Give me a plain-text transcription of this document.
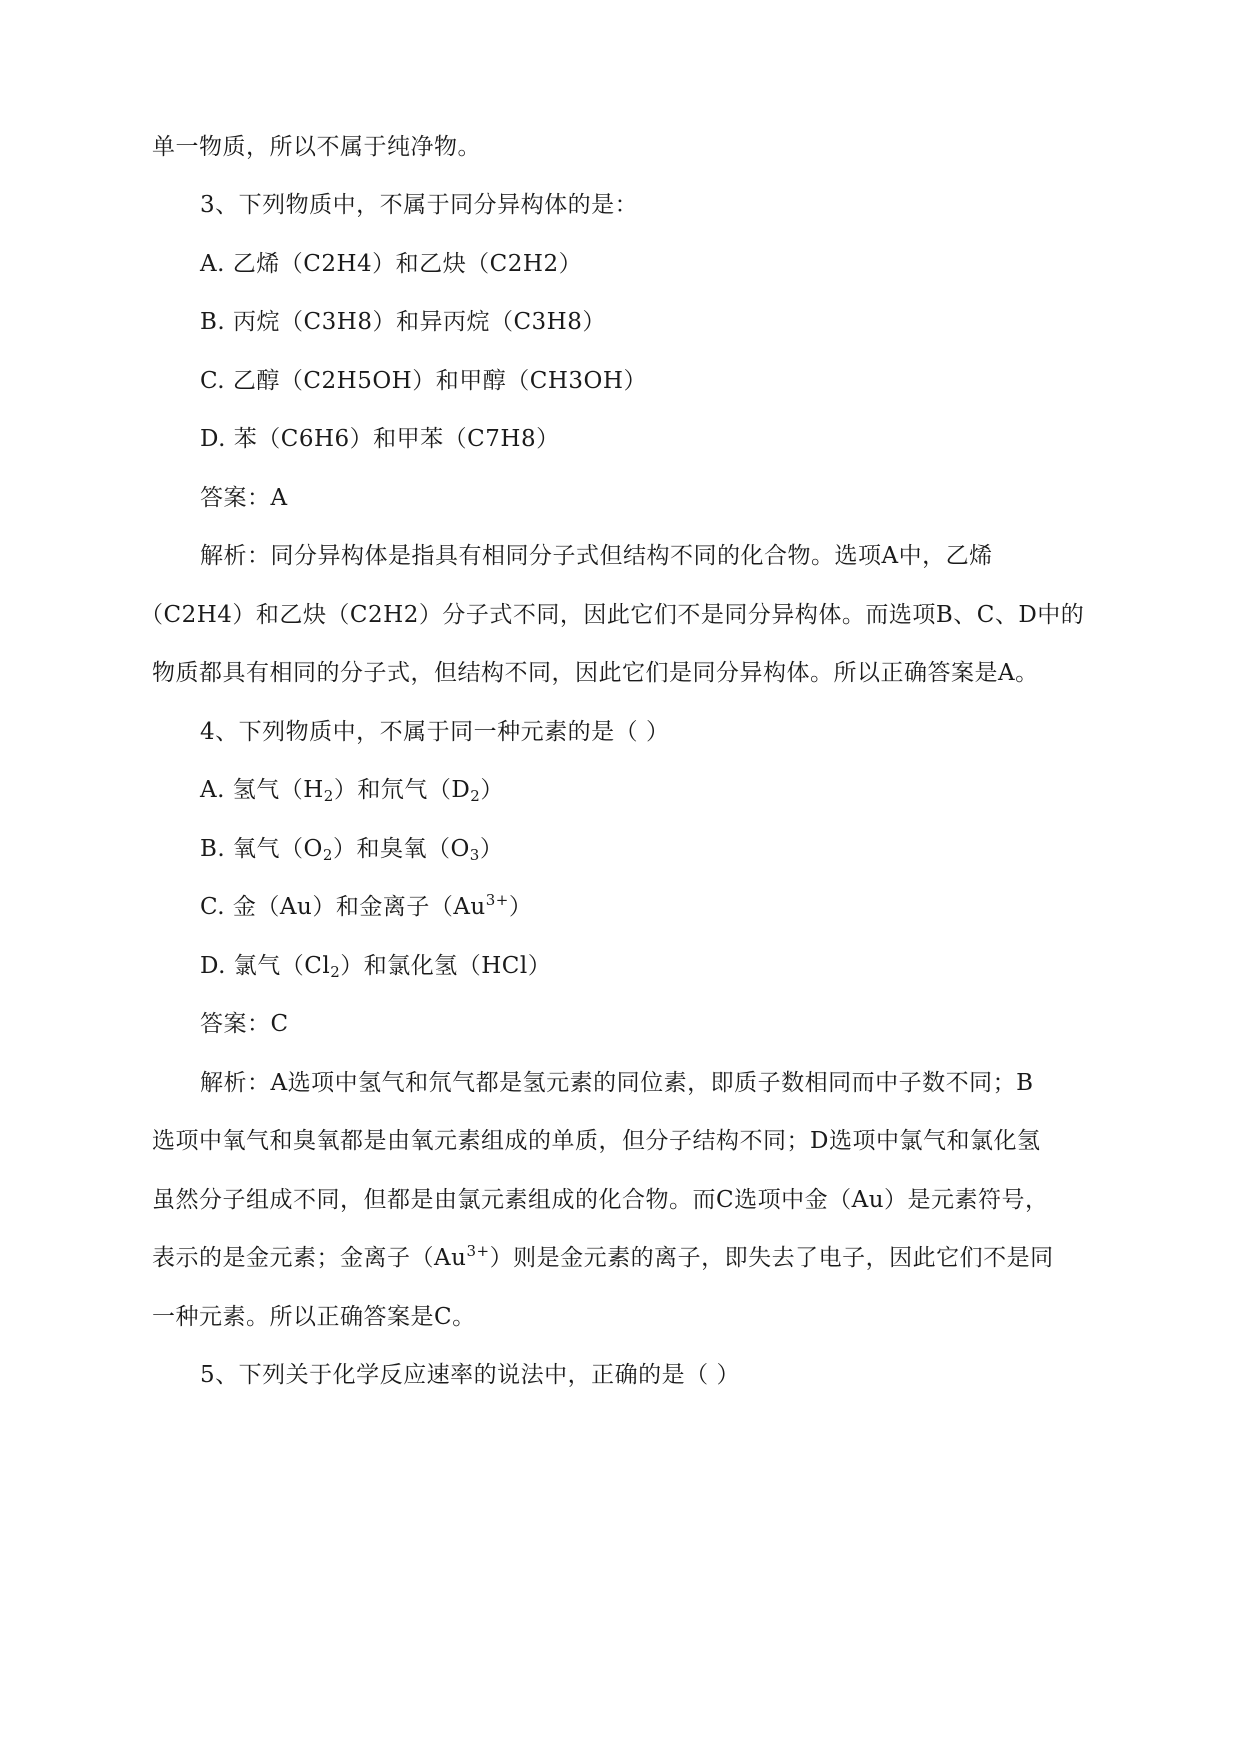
单一物质，所以不属于纯净物。
3、下列物质中，不属于同分异构体的是：
A. 乙烯（C2H4）和乙炔（C2H2）
B. 丙烷（C3H8）和异丙烷（C3H8）
C. 乙醇（C2H5OH）和甲醇（CH3OH）
D. 苯（C6H6）和甲苯（C7H8）
答案：A
解析：同分异构体是指具有相同分子式但结构不同的化合物。选项A中，乙烯
（C2H4）和乙炔（C2H2）分子式不同，因此它们不是同分异构体。而选项B、C、D中的
物质都具有相同的分子式，但结构不同，因此它们是同分异构体。所以正确答案是A。
4、下列物质中，不属于同一种元素的是（ ）
A. 氢气$(H_2)$和氘气$(D_2)$
B. 氧气$(O_2)$和臭氧$(O_3)$
C. 金（Au）和金离子$(Au^{3+})$
D. 氯气$(Cl_2)$和氯化氢（HCl）
答案：C
解析：A选项中氢气和氘气都是氢元素的同位素，即质子数相同而中子数不同；B
选项中氧气和臭氧都是由氧元素组成的单质，但分子结构不同；D选项中氯气和氯化氢
虽然分子组成不同，但都是由氯元素组成的化合物。而C选项中金（Au）是元素符号，
表示的是金元素；金离子$(Au^{3+})$则是金元素的离子，即失去了电子，因此它们不是同
一种元素。所以正确答案是C。
5、下列关于化学反应速率的说法中，正确的是（ ）
